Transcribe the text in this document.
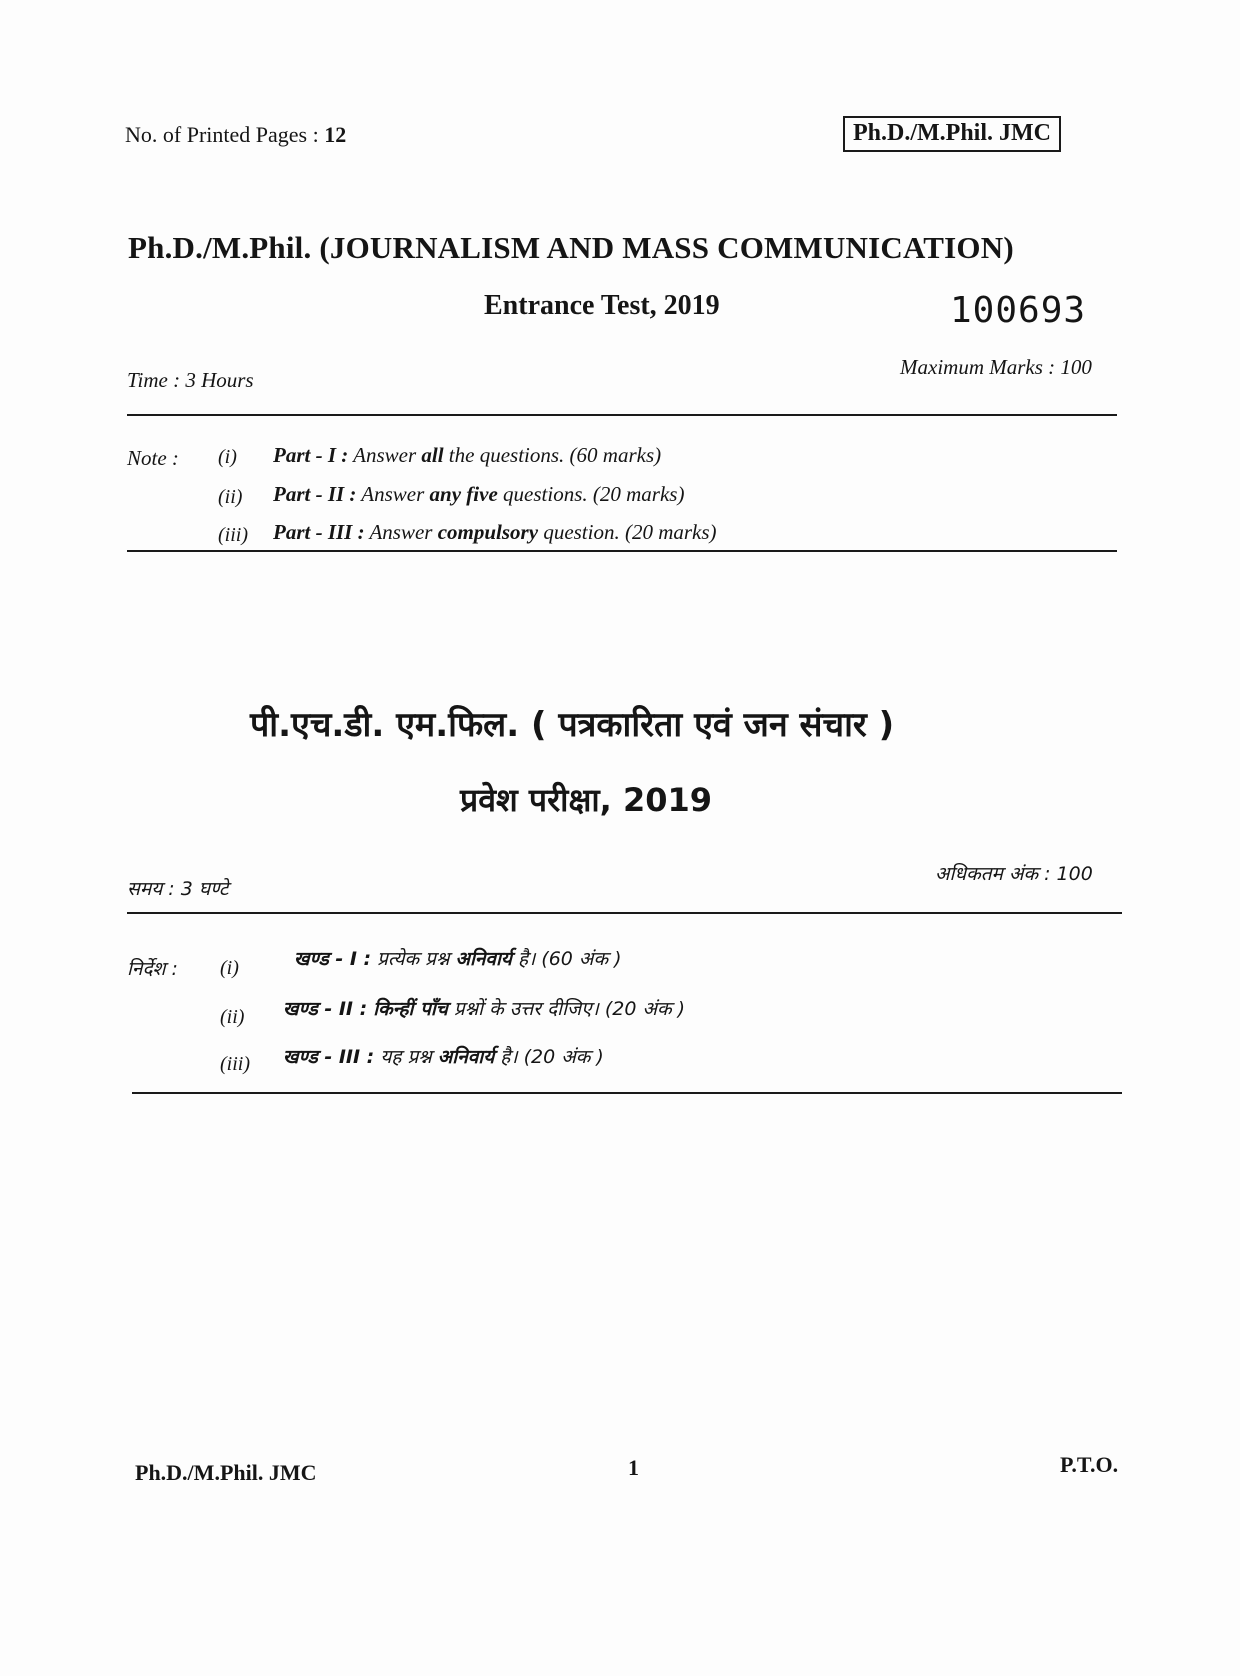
No. of Printed Pages : 12	Ph.D./M.Phil. JMC
Ph.D./M.Phil. (JOURNALISM AND MASS COMMUNICATION)
Entrance Test, 2019	100693
Time : 3 Hours
Maximum Marks : 100
Note : (i) Part - I : Answer all the questions. (60 marks)
(ii) Part - II : Answer any five questions. (20 marks)
(iii) Part - III : Answer compulsory question. (20 marks)
पी.एच.डी. एम.फिल. ( पत्रकारिता एवं जन संचार )
प्रवेश परीक्षा, 2019
समय : 3 घण्टे
अधिकतम अंक : 100
निर्देश : (i)	खण्ड - I : प्रत्येक प्रश्न अनिवार्य है। (60 अंक )
(ii) खण्ड - II : किन्हीं पाँच प्रश्नों के उत्तर दीजिए। (20 अंक )
(iii) खण्ड - III : यह प्रश्न अनिवार्य है। (20 अंक )
Ph.D./M.Phil. JMC	1	P.T.O.
